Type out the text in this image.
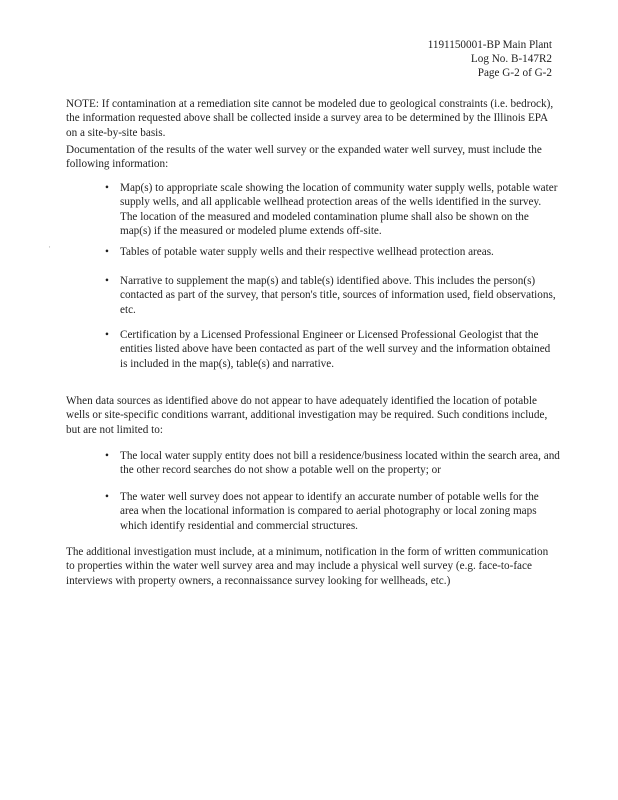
1191150001-BP Main Plant
Log No. B-147R2
Page G-2 of G-2
NOTE: If contamination at a remediation site cannot be modeled due to geological constraints (i.e. bedrock), the information requested above shall be collected inside a survey area to be determined by the Illinois EPA on a site-by-site basis.
Documentation of the results of the water well survey or the expanded water well survey, must include the following information:
• Map(s) to appropriate scale showing the location of community water supply wells, potable water supply wells, and all applicable wellhead protection areas of the wells identified in the survey. The location of the measured and modeled contamination plume shall also be shown on the map(s) if the measured or modeled plume extends off-site.
• Tables of potable water supply wells and their respective wellhead protection areas.
• Narrative to supplement the map(s) and table(s) identified above. This includes the person(s) contacted as part of the survey, that person's title, sources of information used, field observations, etc.
• Certification by a Licensed Professional Engineer or Licensed Professional Geologist that the entities listed above have been contacted as part of the well survey and the information obtained is included in the map(s), table(s) and narrative.
When data sources as identified above do not appear to have adequately identified the location of potable wells or site-specific conditions warrant, additional investigation may be required. Such conditions include, but are not limited to:
• The local water supply entity does not bill a residence/business located within the search area, and the other record searches do not show a potable well on the property; or
• The water well survey does not appear to identify an accurate number of potable wells for the area when the locational information is compared to aerial photography or local zoning maps which identify residential and commercial structures.
The additional investigation must include, at a minimum, notification in the form of written communication to properties within the water well survey area and may include a physical well survey (e.g. face-to-face interviews with property owners, a reconnaissance survey looking for wellheads, etc.)
·
